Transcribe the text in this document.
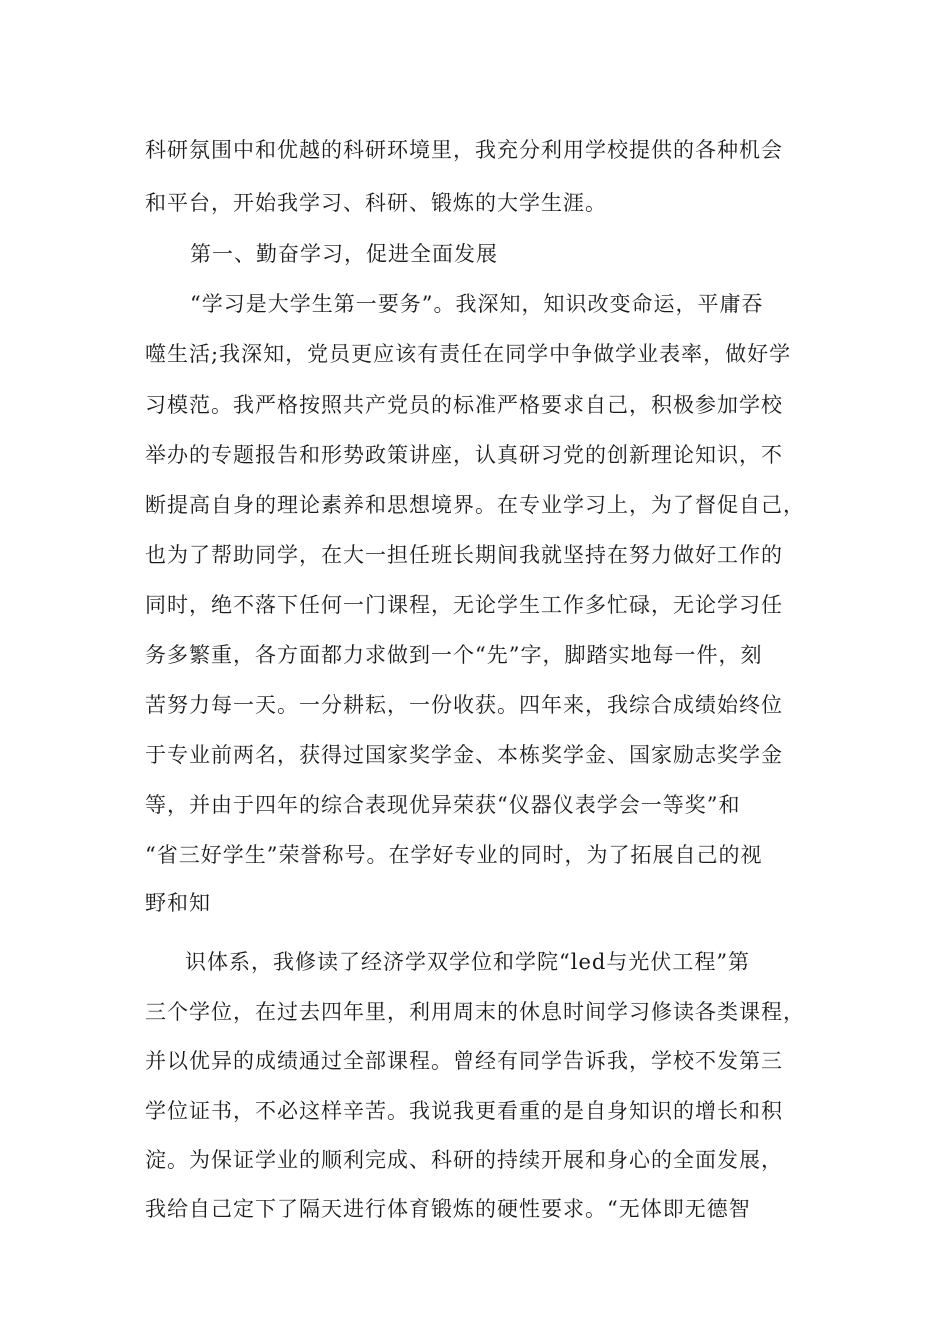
科研氛围中和优越的科研环境里，我充分利用学校提供的各种机会
和平台，开始我学习、科研、锻炼的大学生涯。
第一、勤奋学习，促进全面发展
“学习是大学生第一要务”。我深知，知识改变命运，平庸吞
噬生活;我深知，党员更应该有责任在同学中争做学业表率，做好学
习模范。我严格按照共产党员的标准严格要求自己，积极参加学校
举办的专题报告和形势政策讲座，认真研习党的创新理论知识，不
断提高自身的理论素养和思想境界。在专业学习上，为了督促自己，
也为了帮助同学，在大一担任班长期间我就坚持在努力做好工作的
同时，绝不落下任何一门课程，无论学生工作多忙碌，无论学习任
务多繁重，各方面都力求做到一个“先”字，脚踏实地每一件，刻
苦努力每一天。一分耕耘，一份收获。四年来，我综合成绩始终位
于专业前两名，获得过国家奖学金、本栋奖学金、国家励志奖学金
等，并由于四年的综合表现优异荣获“仪器仪表学会一等奖”和
“省三好学生”荣誉称号。在学好专业的同时，为了拓展自己的视
野和知
识体系，我修读了经济学双学位和学院“led与光伏工程”第
三个学位，在过去四年里，利用周末的休息时间学习修读各类课程，
并以优异的成绩通过全部课程。曾经有同学告诉我，学校不发第三
学位证书，不必这样辛苦。我说我更看重的是自身知识的增长和积
淀。为保证学业的顺利完成、科研的持续开展和身心的全面发展，
我给自己定下了隔天进行体育锻炼的硬性要求。“无体即无德智
